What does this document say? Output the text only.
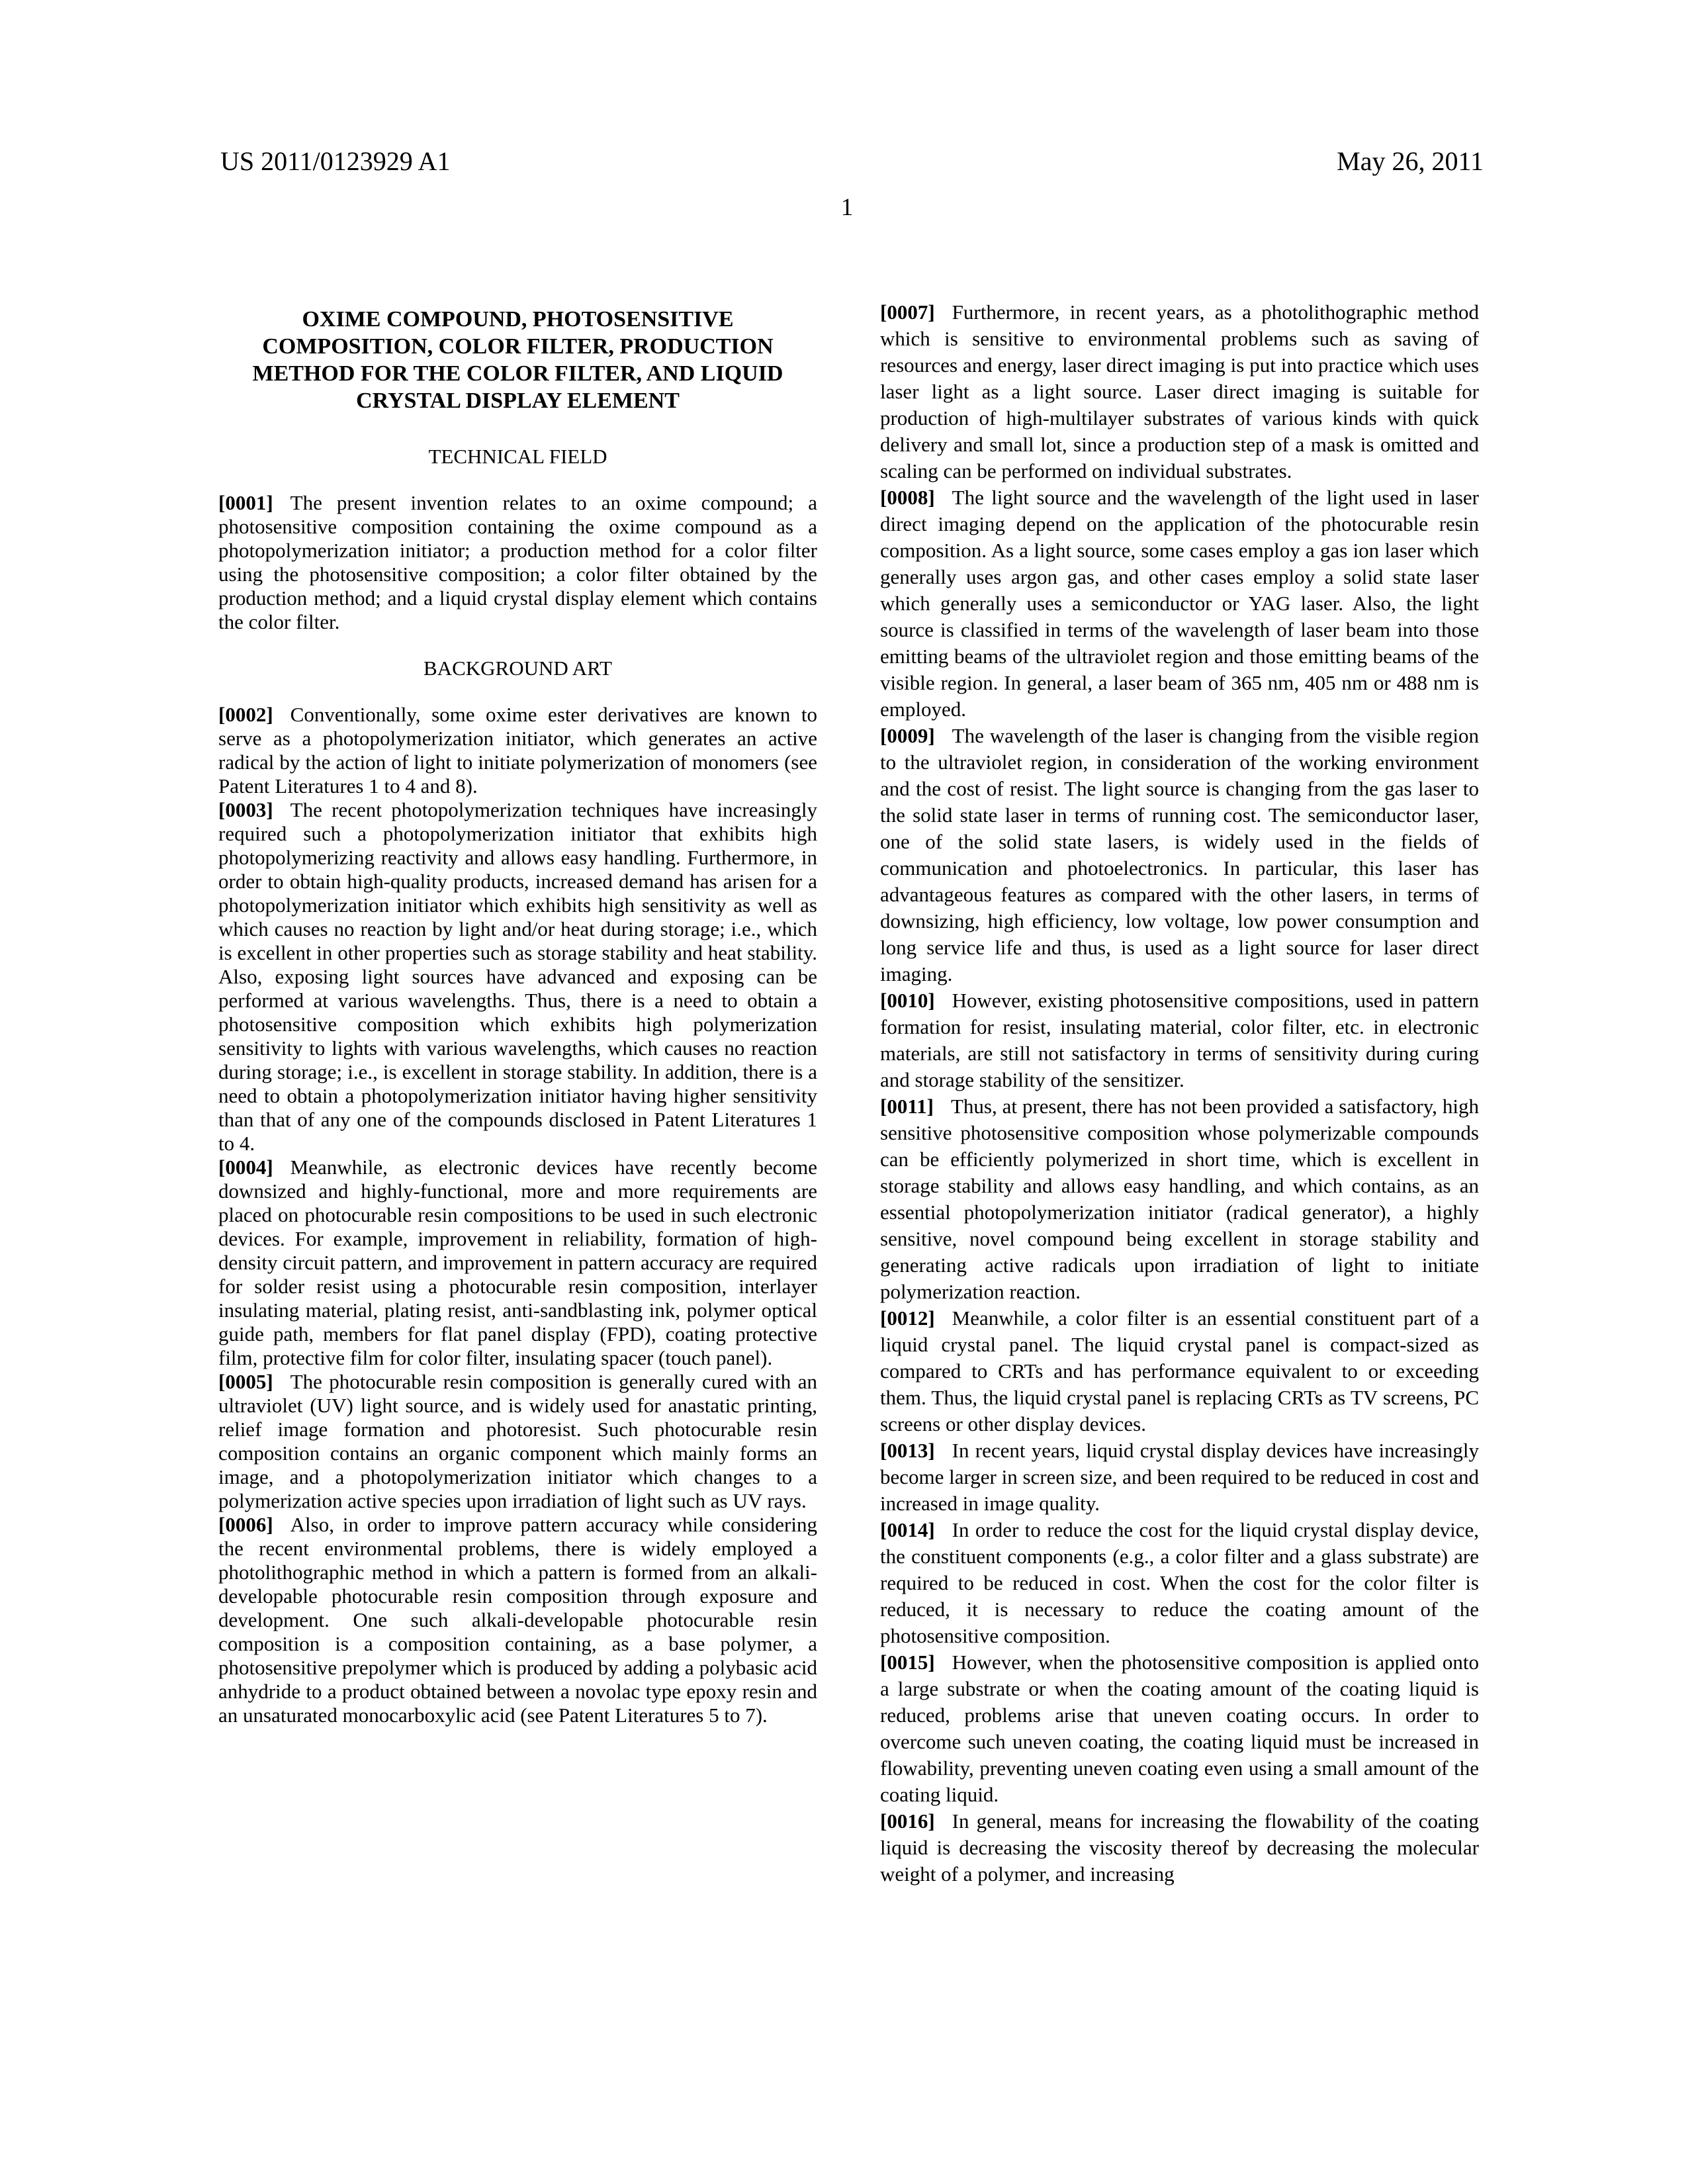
US 2011/0123929 A1	May 26, 2011
1
OXIME COMPOUND, PHOTOSENSITIVE COMPOSITION, COLOR FILTER, PRODUCTION METHOD FOR THE COLOR FILTER, AND LIQUID CRYSTAL DISPLAY ELEMENT
TECHNICAL FIELD

[0001] The present invention relates to an oxime compound; a photosensitive composition containing the oxime compound as a photopolymerization initiator; a production method for a color filter using the photosensitive composition; a color filter obtained by the production method; and a liquid crystal display element which contains the color filter.

BACKGROUND ART

[0002] Conventionally, some oxime ester derivatives are known to serve as a photopolymerization initiator, which generates an active radical by the action of light to initiate polymerization of monomers (see Patent Literatures 1 to 4 and 8).

[0003] The recent photopolymerization techniques have increasingly required such a photopolymerization initiator that exhibits high photopolymerizing reactivity and allows easy handling. Furthermore, in order to obtain high-quality products, increased demand has arisen for a photopolymerization initiator which exhibits high sensitivity as well as which causes no reaction by light and/or heat during storage; i.e., which is excellent in other properties such as storage stability and heat stability. Also, exposing light sources have advanced and exposing can be performed at various wavelengths. Thus, there is a need to obtain a photosensitive composition which exhibits high polymerization sensitivity to lights with various wavelengths, which causes no reaction during storage; i.e., is excellent in storage stability. In addition, there is a need to obtain a photopolymerization initiator having higher sensitivity than that of any one of the compounds disclosed in Patent Literatures 1 to 4.

[0004] Meanwhile, as electronic devices have recently become downsized and highly-functional, more and more requirements are placed on photocurable resin compositions to be used in such electronic devices. For example, improvement in reliability, formation of high-density circuit pattern, and improvement in pattern accuracy are required for solder resist using a photocurable resin composition, interlayer insulating material, plating resist, anti-sandblasting ink, polymer optical guide path, members for flat panel display (FPD), coating protective film, protective film for color filter, insulating spacer (touch panel).

[0005] The photocurable resin composition is generally cured with an ultraviolet (UV) light source, and is widely used for anastatic printing, relief image formation and photoresist. Such photocurable resin composition contains an organic component which mainly forms an image, and a photopolymerization initiator which changes to a polymerization active species upon irradiation of light such as UV rays.

[0006] Also, in order to improve pattern accuracy while considering the recent environmental problems, there is widely employed a photolithographic method in which a pattern is formed from an alkali-developable photocurable resin composition through exposure and development. One such alkali-developable photocurable resin composition is a composition containing, as a base polymer, a photosensitive prepolymer which is produced by adding a polybasic acid anhydride to a product obtained between a novolac type epoxy resin and an unsaturated monocarboxylic acid (see Patent Literatures 5 to 7).

[0007] Furthermore, in recent years, as a photolithographic method which is sensitive to environmental problems such as saving of resources and energy, laser direct imaging is put into practice which uses laser light as a light source. Laser direct imaging is suitable for production of high-multilayer substrates of various kinds with quick delivery and small lot, since a production step of a mask is omitted and scaling can be performed on individual substrates.

[0008] The light source and the wavelength of the light used in laser direct imaging depend on the application of the photocurable resin composition. As a light source, some cases employ a gas ion laser which generally uses argon gas, and other cases employ a solid state laser which generally uses a semiconductor or YAG laser. Also, the light source is classified in terms of the wavelength of laser beam into those emitting beams of the ultraviolet region and those emitting beams of the visible region. In general, a laser beam of 365 nm, 405 nm or 488 nm is employed.

[0009] The wavelength of the laser is changing from the visible region to the ultraviolet region, in consideration of the working environment and the cost of resist. The light source is changing from the gas laser to the solid state laser in terms of running cost. The semiconductor laser, one of the solid state lasers, is widely used in the fields of communication and photoelectronics. In particular, this laser has advantageous features as compared with the other lasers, in terms of downsizing, high efficiency, low voltage, low power consumption and long service life and thus, is used as a light source for laser direct imaging.

[0010] However, existing photosensitive compositions, used in pattern formation for resist, insulating material, color filter, etc. in electronic materials, are still not satisfactory in terms of sensitivity during curing and storage stability of the sensitizer.

[0011] Thus, at present, there has not been provided a satisfactory, high sensitive photosensitive composition whose polymerizable compounds can be efficiently polymerized in short time, which is excellent in storage stability and allows easy handling, and which contains, as an essential photopolymerization initiator (radical generator), a highly sensitive, novel compound being excellent in storage stability and generating active radicals upon irradiation of light to initiate polymerization reaction.

[0012] Meanwhile, a color filter is an essential constituent part of a liquid crystal panel. The liquid crystal panel is compact-sized as compared to CRTs and has performance equivalent to or exceeding them. Thus, the liquid crystal panel is replacing CRTs as TV screens, PC screens or other display devices.

[0013] In recent years, liquid crystal display devices have increasingly become larger in screen size, and been required to be reduced in cost and increased in image quality.

[0014] In order to reduce the cost for the liquid crystal display device, the constituent components (e.g., a color filter and a glass substrate) are required to be reduced in cost. When the cost for the color filter is reduced, it is necessary to reduce the coating amount of the photosensitive composition.

[0015] However, when the photosensitive composition is applied onto a large substrate or when the coating amount of the coating liquid is reduced, problems arise that uneven coating occurs. In order to overcome such uneven coating, the coating liquid must be increased in flowability, preventing uneven coating even using a small amount of the coating liquid.

[0016] In general, means for increasing the flowability of the coating liquid is decreasing the viscosity thereof by decreasing the molecular weight of a polymer, and increasing
